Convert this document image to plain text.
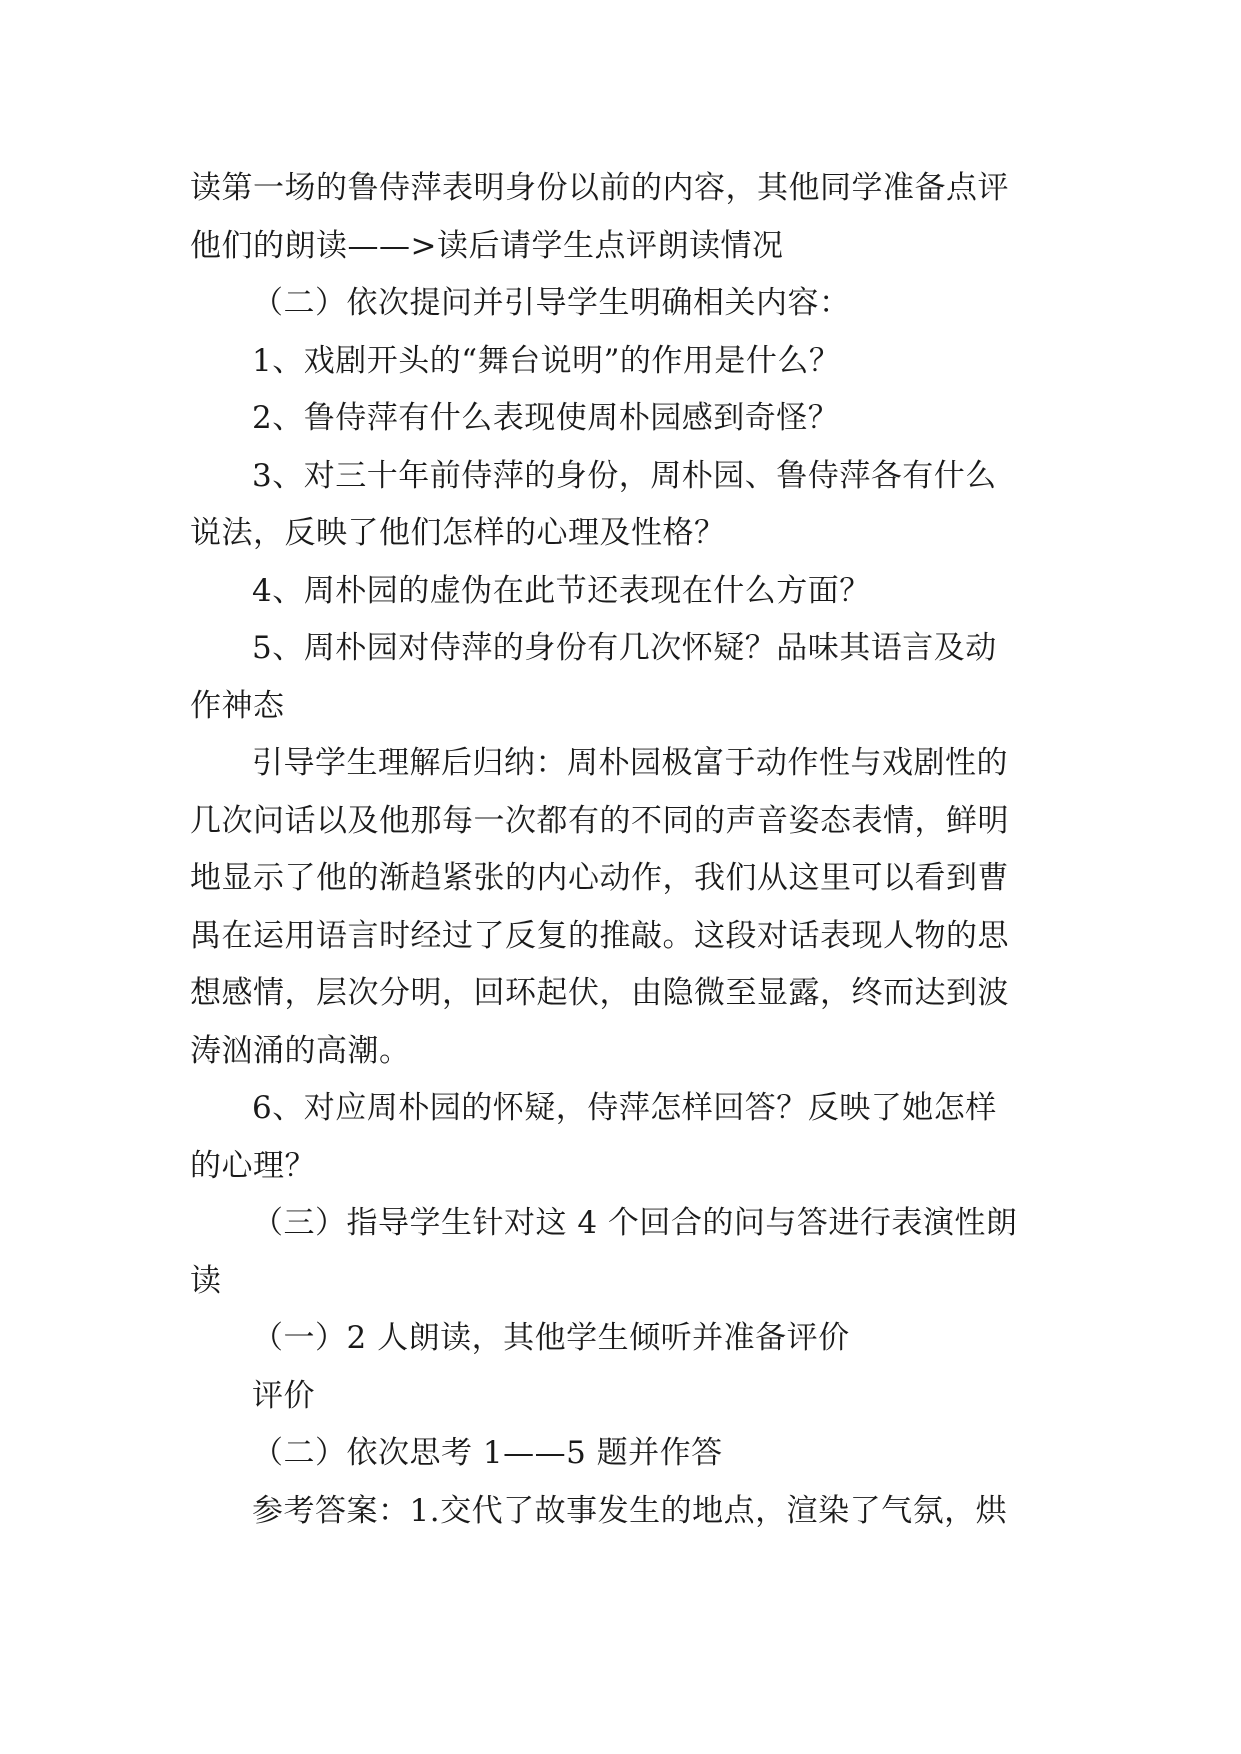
读第一场的鲁侍萍表明身份以前的内容，其他同学准备点评
他们的朗读——>读后请学生点评朗读情况
（二）依次提问并引导学生明确相关内容：
1、戏剧开头的“舞台说明”的作用是什么？
2、鲁侍萍有什么表现使周朴园感到奇怪？
3、对三十年前侍萍的身份，周朴园、鲁侍萍各有什么
说法，反映了他们怎样的心理及性格？
4、周朴园的虚伪在此节还表现在什么方面？
5、周朴园对侍萍的身份有几次怀疑？品味其语言及动
作神态
引导学生理解后归纳：周朴园极富于动作性与戏剧性的
几次问话以及他那每一次都有的不同的声音姿态表情，鲜明
地显示了他的渐趋紧张的内心动作，我们从这里可以看到曹
禺在运用语言时经过了反复的推敲。这段对话表现人物的思
想感情，层次分明，回环起伏，由隐微至显露，终而达到波
涛汹涌的高潮。
6、对应周朴园的怀疑，侍萍怎样回答？反映了她怎样
的心理？
（三）指导学生针对这 4 个回合的问与答进行表演性朗
读
（一）2 人朗读，其他学生倾听并准备评价
评价
（二）依次思考 1——5 题并作答
参考答案：1.交代了故事发生的地点，渲染了气氛，烘
